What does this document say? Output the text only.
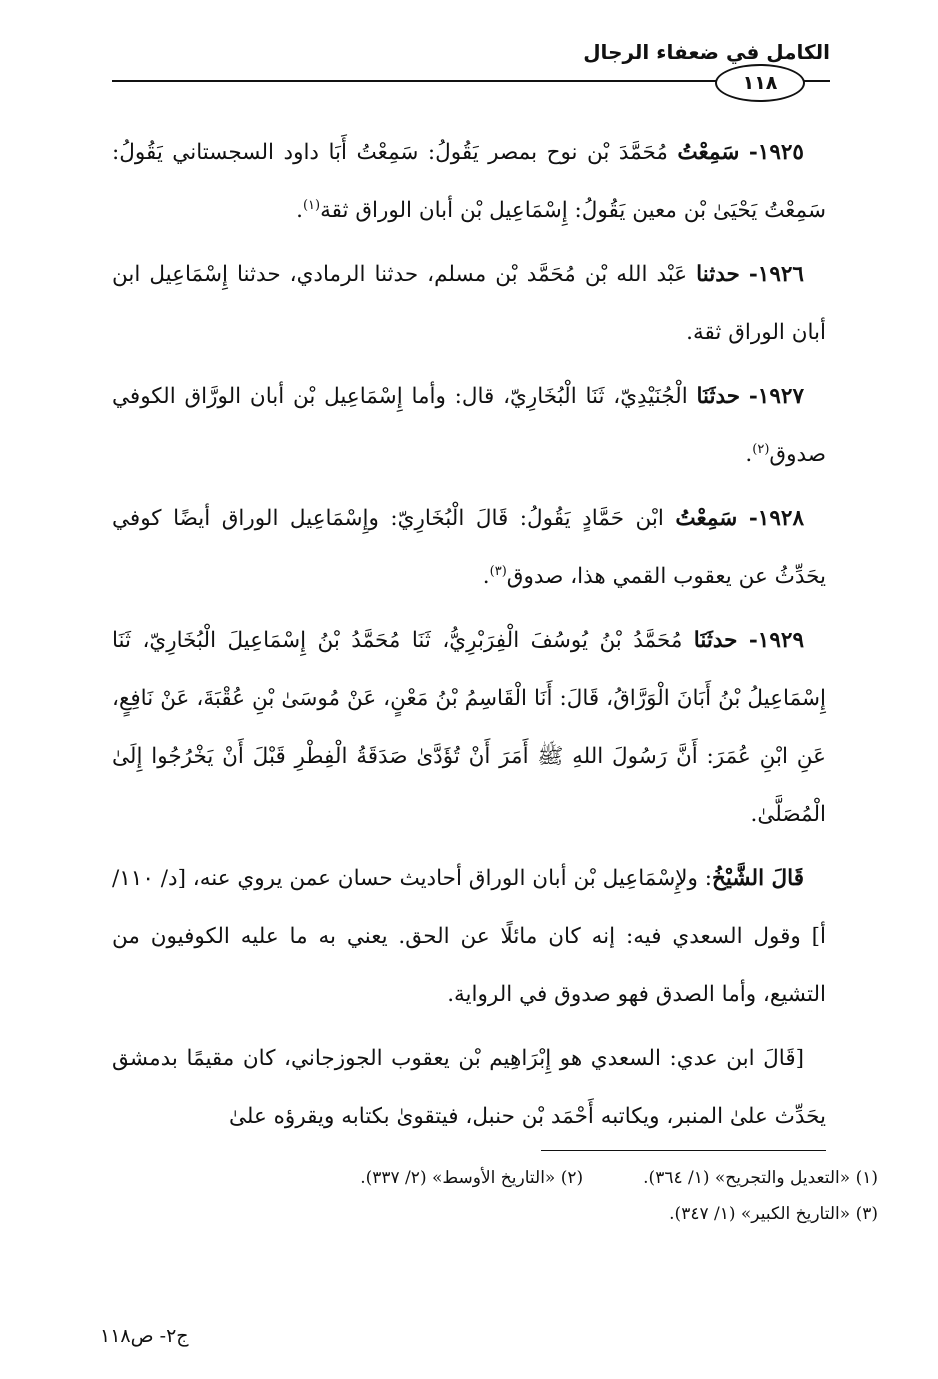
الكامل في ضعفاء الرجال
١١٨

١٩٢٥- سَمِعْتُ مُحَمَّدَ بْن نوح بمصر يَقُولُ: سَمِعْتُ أَبَا داود السجستاني يَقُولُ: سَمِعْتُ يَحْيَىٰ بْن معين يَقُولُ: إِسْمَاعِيل بْن أبان الوراق ثقة$^{(١)}$.

١٩٢٦- حدثنا عَبْد الله بْن مُحَمَّد بْن مسلم، حدثنا الرمادي، حدثنا إِسْمَاعِيل ابن أبان الوراق ثقة.

١٩٢٧- حدثَنَا الْجُنَيْدِيّ، ثَنَا الْبُخَارِيّ، قال: وأما إِسْمَاعِيل بْن أبان الورَّاق الكوفي صدوق$^{(٢)}$.

١٩٢٨- سَمِعْتُ ابْن حَمَّادٍ يَقُولُ: قَالَ الْبُخَارِيّ: وإِسْمَاعِيل الوراق أيضًا كوفي يحَدِّثُ عن يعقوب القمي هذا، صدوق$^{(٣)}$.

١٩٢٩- حدثَنَا مُحَمَّدُ بْنُ يُوسُفَ الْفِرَبْرِيُّ، ثَنَا مُحَمَّدُ بْنُ إِسْمَاعِيلَ الْبُخَارِيّ، ثَنَا إِسْمَاعِيلُ بْنُ أَبَانَ الْوَرَّاقُ، قَالَ: أَنَا الْقَاسِمُ بْنُ مَعْنٍ، عَنْ مُوسَىٰ بْنِ عُقْبَةَ، عَنْ نَافِعٍ، عَنِ ابْنِ عُمَرَ: أَنَّ رَسُولَ اللهِ ﷺ أَمَرَ أَنْ تُؤَدَّىٰ صَدَقَةُ الْفِطْرِ قَبْلَ أَنْ يَخْرُجُوا إِلَىٰ الْمُصَلَّىٰ.

قَالَ الشَّيْخُ: ولإِسْمَاعِيل بْن أبان الوراق أحاديث حسان عمن يروي عنه، [د/ ١١٠/أ] وقول السعدي فيه: إنه كان مائلًا عن الحق. يعني به ما عليه الكوفيون من التشيع، وأما الصدق فهو صدوق في الرواية.

[قَالَ ابن عدي: السعدي هو إِبْرَاهِيم بْن يعقوب الجوزجاني، كان مقيمًا بدمشق يحَدِّث علىٰ المنبر، ويكاتبه أَحْمَد بْن حنبل، فيتقوىٰ بكتابه ويقرؤه علىٰ

(١) «التعديل والتجريح» (١/ ٣٦٤).
(٢) «التاريخ الأوسط» (٢/ ٣٣٧).
(٣) «التاريخ الكبير» (١/ ٣٤٧).
ج٢- ص١١٨
